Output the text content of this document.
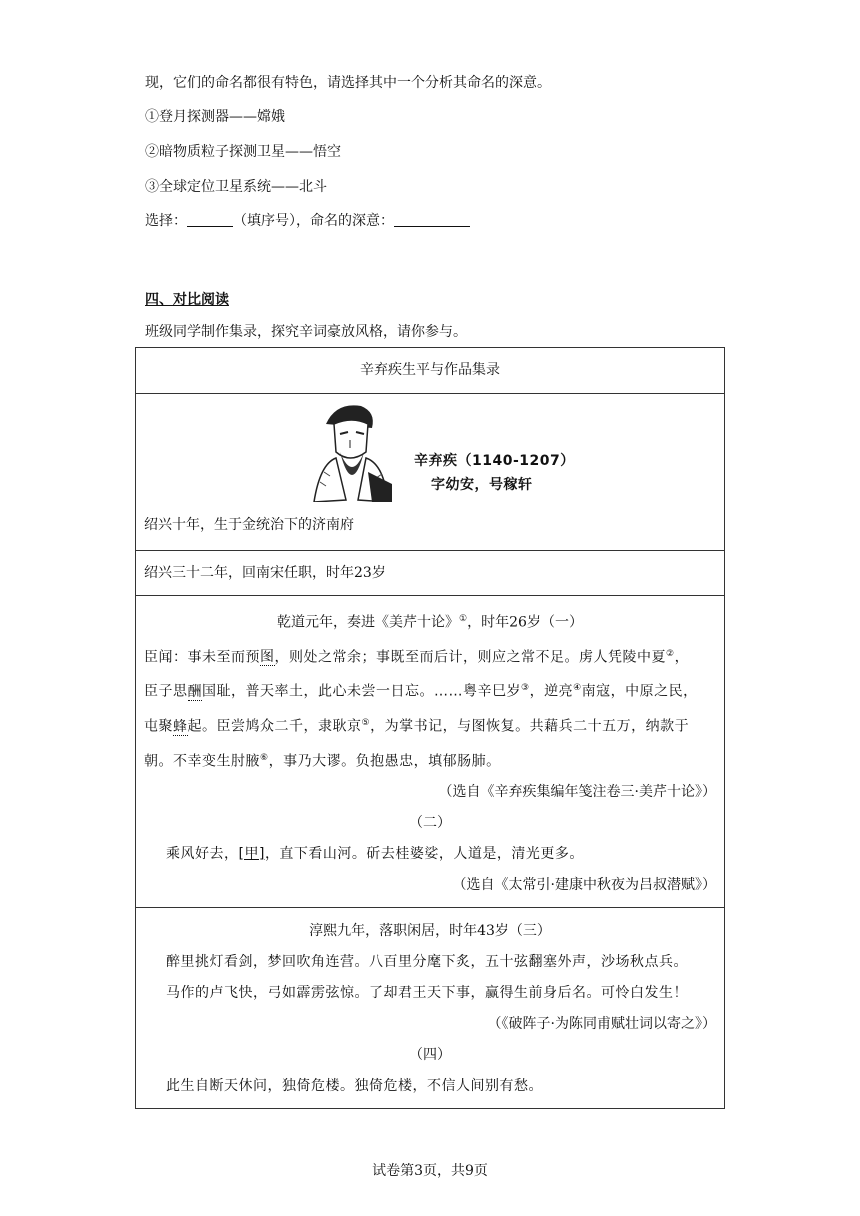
现，它们的命名都很有特色，请选择其中一个分析其命名的深意。
①登月探测器——嫦娥
②暗物质粒子探测卫星——悟空
③全球定位卫星系统——北斗
选择：	（填序号），命名的深意：
四、对比阅读
班级同学制作集录，探究辛词豪放风格，请你参与。
辛弃疾生平与作品集录

辛弃疾（1140-1207）
字幼安，号稼轩
绍兴十年，生于金统治下的济南府

绍兴三十二年，回南宋任职，时年23岁

乾道元年，奏进《美芹十论》①，时年26岁（一）
臣闻：事未至而预图，则处之常余；事既至而后计，则应之常不足。虏人凭陵中夏②，
臣子思酬国耻，普天率土，此心未尝一日忘。……粤辛巳岁③，逆亮④南寇，中原之民，
屯聚蜂起。臣尝鸠众二千，隶耿京⑤，为掌书记，与图恢复。共藉兵二十五万，纳款于
朝。不幸变生肘腋⑥，事乃大谬。负抱愚忠，填郁肠肺。
（选自《辛弃疾集编年笺注卷三·美芹十论》）
（二）
乘风好去，[甲]，直下看山河。斫去桂婆娑，人道是，清光更多。
（选自《太常引·建康中秋夜为吕叔潜赋》）

淳熙九年，落职闲居，时年43岁（三）
醉里挑灯看剑，梦回吹角连营。八百里分麾下炙，五十弦翻塞外声，沙场秋点兵。
马作的卢飞快，弓如霹雳弦惊。了却君王天下事，赢得生前身后名。可怜白发生！
（《破阵子·为陈同甫赋壮词以寄之》）
（四）
此生自断天休问，独倚危楼。独倚危楼，不信人间别有愁。
试卷第3页，共9页
